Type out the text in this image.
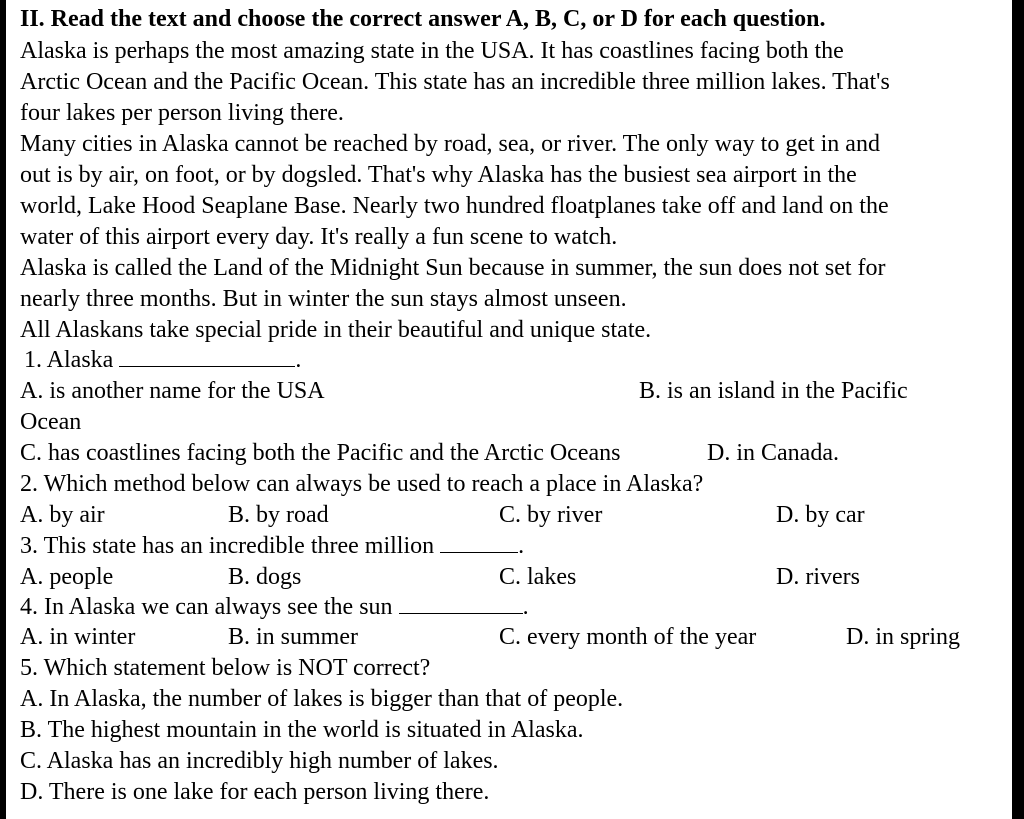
II. Read the text and choose the correct answer A, B, C, or D for each question.
Alaska is perhaps the most amazing state in the USA. It has coastlines facing both the
Arctic Ocean and the Pacific Ocean. This state has an incredible three million lakes. That's
four lakes per person living there.
Many cities in Alaska cannot be reached by road, sea, or river. The only way to get in and
out is by air, on foot, or by dogsled. That's why Alaska has the busiest sea airport in the
world, Lake Hood Seaplane Base. Nearly two hundred floatplanes take off and land on the
water of this airport every day. It's really a fun scene to watch.
Alaska is called the Land of the Midnight Sun because in summer, the sun does not set for
nearly three months. But in winter the sun stays almost unseen.
All Alaskans take special pride in their beautiful and unique state.
1. Alaska	.
A. is another name for the USA	B. is an island in the Pacific
Ocean
C. has coastlines facing both the Pacific and the Arctic Oceans	D. in Canada.
2. Which method below can always be used to reach a place in Alaska?
A. by air	B. by road	C. by river	D. by car
3. This state has an incredible three million	.
A. people	B. dogs	C. lakes	D. rivers
4. In Alaska we can always see the sun	.
A. in winter	B. in summer	C. every month of the year	D. in spring
5. Which statement below is NOT correct?
A. In Alaska, the number of lakes is bigger than that of people.
B. The highest mountain in the world is situated in Alaska.
C. Alaska has an incredibly high number of lakes.
D. There is one lake for each person living there.
